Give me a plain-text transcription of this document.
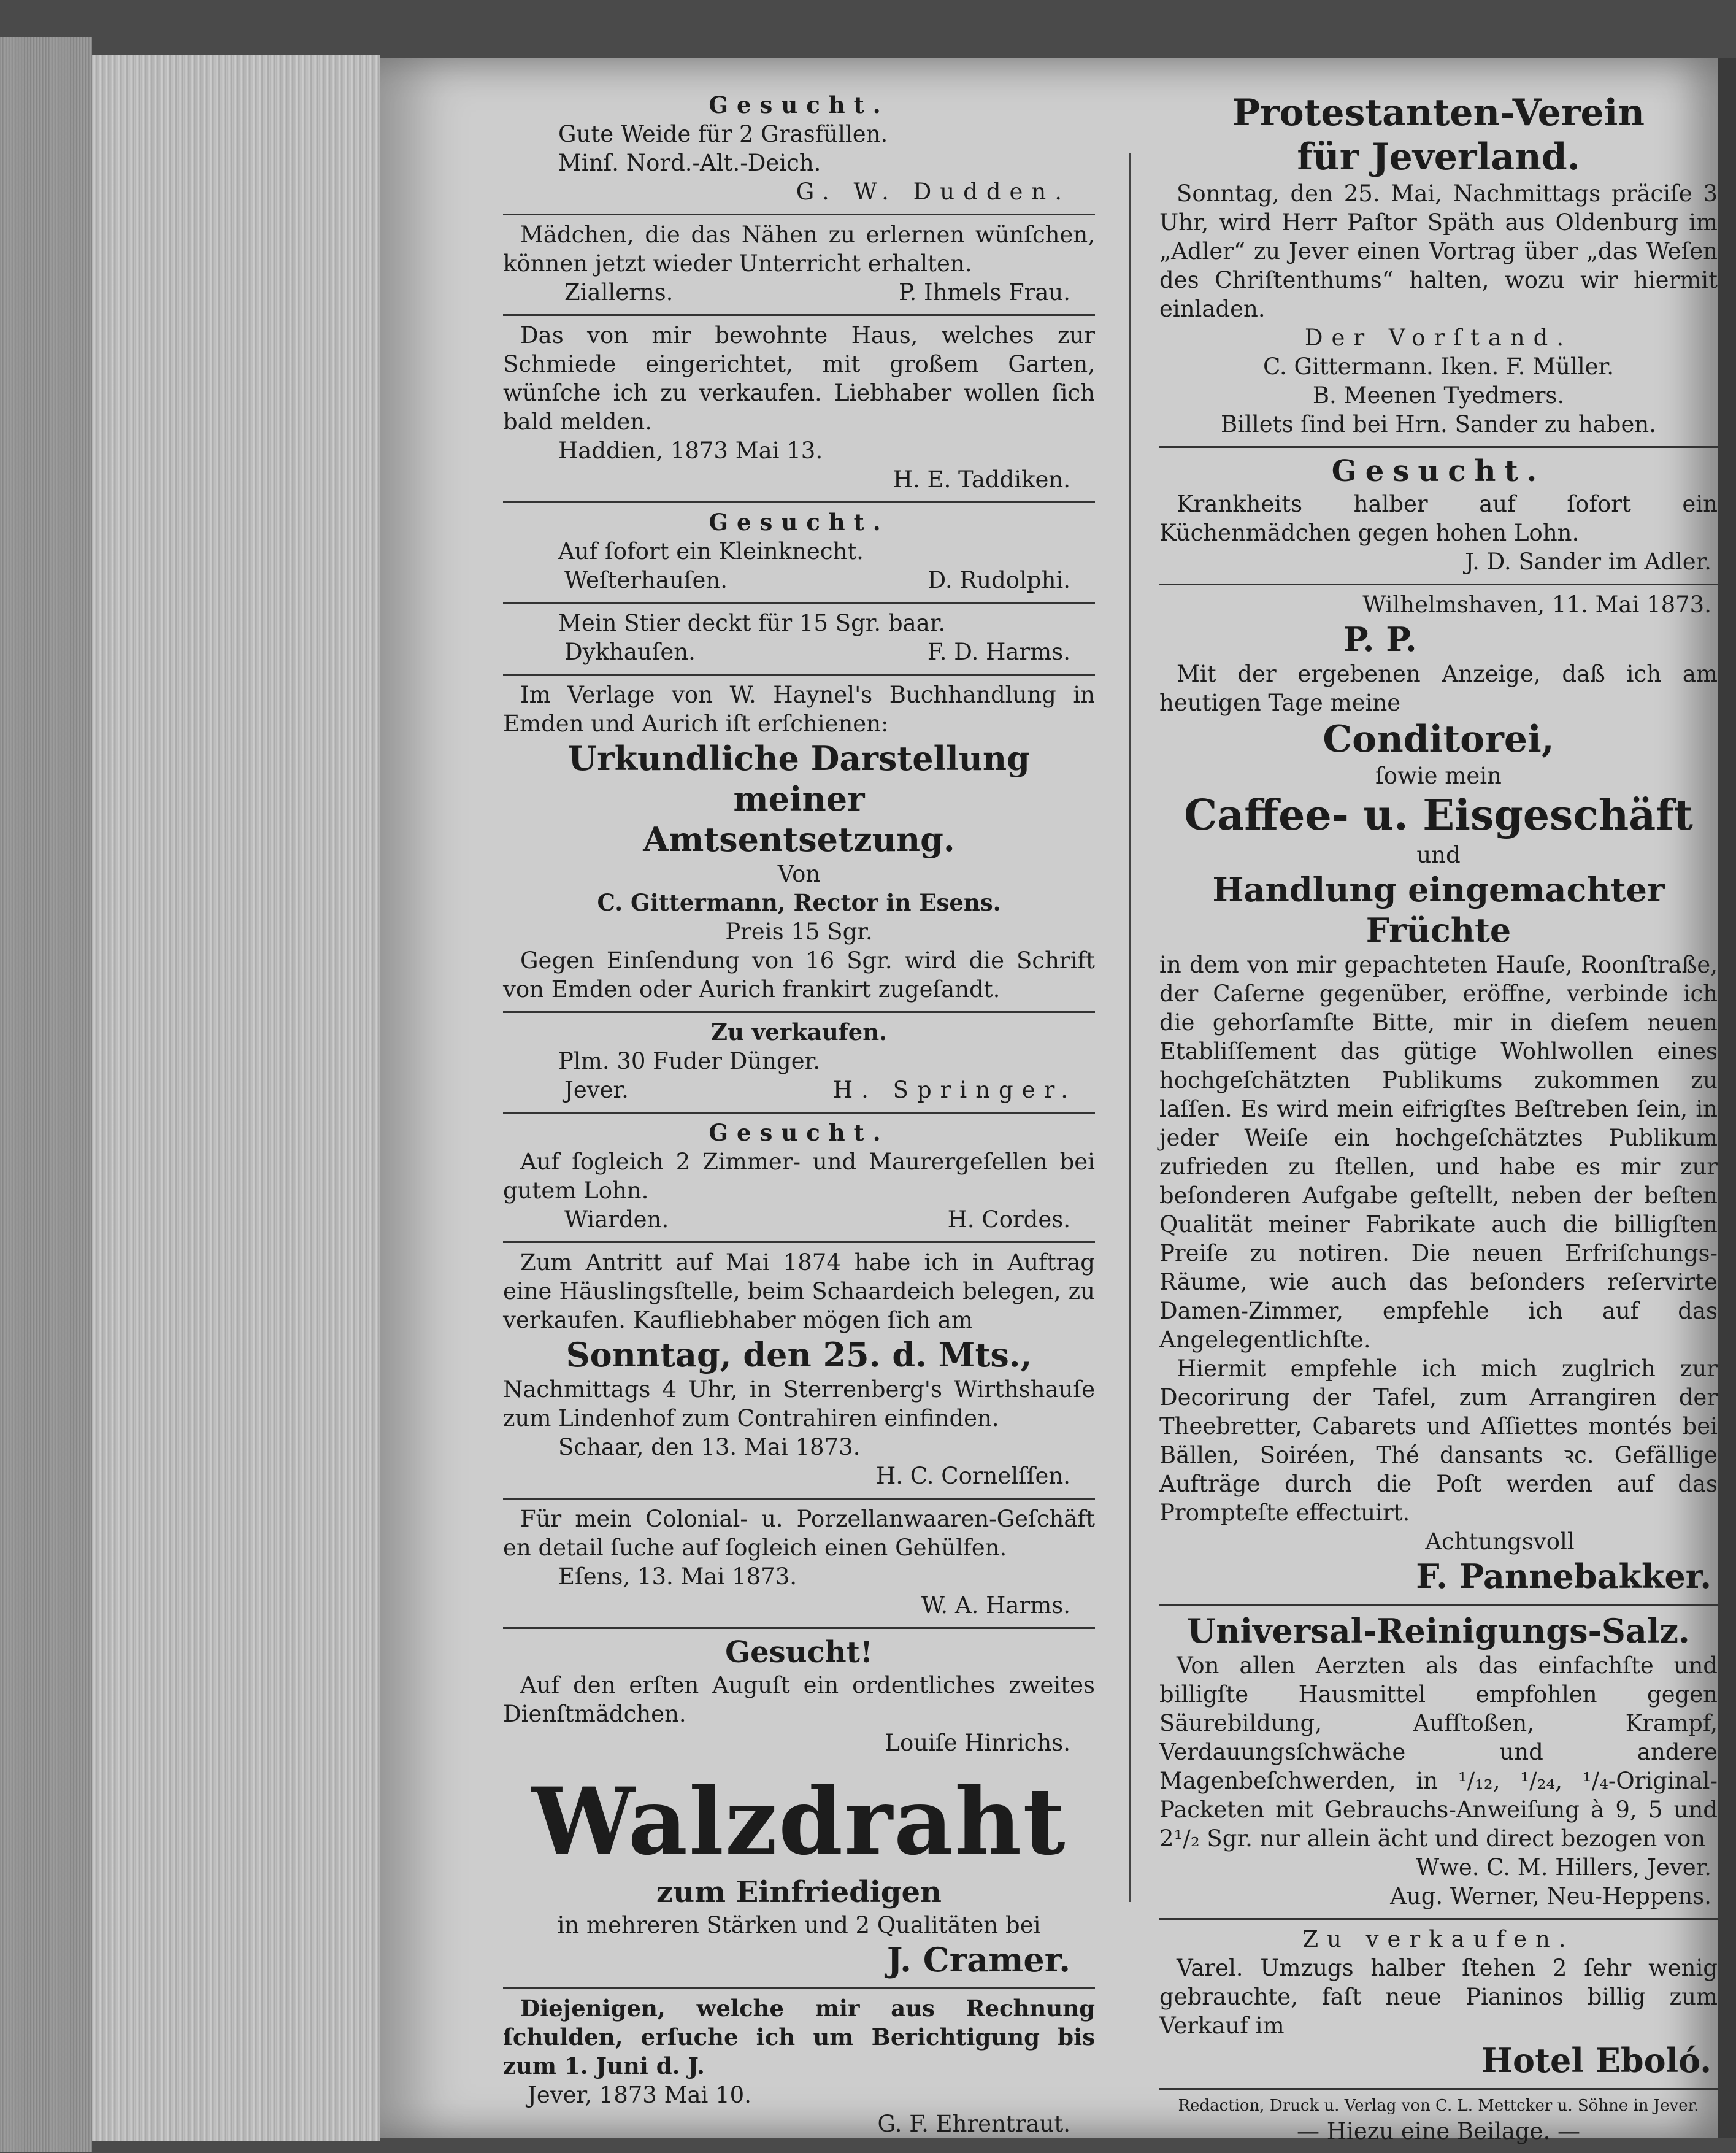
Gesucht.

Gute Weide für 2 Grasfüllen.

Minſ. Nord.-Alt.-Deich.

G. W. Dudden.

Mädchen, die das Nähen zu erlernen wünſchen, können jetzt wieder Unterricht erhalten.

Ziallerns.	P. Ihmels Frau.

Das von mir bewohnte Haus, welches zur Schmiede eingerichtet, mit großem Garten, wünſche ich zu verkaufen. Liebhaber wollen ſich bald melden.

Haddien, 1873 Mai 13.

H. E. Taddiken.

Gesucht.

Auf ſofort ein Kleinknecht.

Weſterhauſen.	D. Rudolphi.

Mein Stier deckt für 15 Sgr. baar.

Dykhauſen.	F. D. Harms.

Im Verlage von W. Haynel's Buchhandlung in Emden und Aurich iſt erſchienen:

Urkundliche Darstellung meiner
Amtsentsetzung.

Von

C. Gittermann, Rector in Esens.

Preis 15 Sgr.

Gegen Einſendung von 16 Sgr. wird die Schrift von Emden oder Aurich frankirt zugeſandt.

Zu verkaufen.

Plm. 30 Fuder Dünger.

Jever.	H. Springer.

Gesucht.

Auf ſogleich 2 Zimmer- und Maurergeſellen bei gutem Lohn.

Wiarden.	H. Cordes.

Zum Antritt auf Mai 1874 habe ich in Auftrag eine Häuslingsſtelle, beim Schaardeich belegen, zu verkaufen. Kaufliebhaber mögen ſich am

Sonntag, den 25. d. Mts.,

Nachmittags 4 Uhr, in Sterrenberg's Wirthshauſe zum Lindenhof zum Contrahiren einfinden.

Schaar, den 13. Mai 1873.

H. C. Cornelſſen.

Für mein Colonial- u. Porzellanwaaren-Geſchäft en detail ſuche auf ſogleich einen Gehülfen.

Eſens, 13. Mai 1873.

W. A. Harms.

Gesucht!

Auf den erſten Auguſt ein ordentliches zweites Dienſtmädchen.

Louiſe Hinrichs.

Walzdraht
zum Einfriedigen

in mehreren Stärken und 2 Qualitäten bei

J. Cramer.

Diejenigen, welche mir aus Rechnung ſchulden, erſuche ich um Berichtigung bis zum 1. Juni d. J.

Jever, 1873 Mai 10.

G. F. Ehrentraut.

Protestanten-Verein
für Jeverland.

Sonntag, den 25. Mai, Nachmittags präciſe 3 Uhr, wird Herr Paſtor Späth aus Oldenburg im „Adler“ zu Jever einen Vortrag über „das Weſen des Chriſtenthums“ halten, wozu wir hiermit einladen.

Der Vorſtand.

C. Gittermann. Iken. F. Müller.

B. Meenen Tyedmers.

Billets ſind bei Hrn. Sander zu haben.

Gesucht.

Krankheits halber auf ſofort ein Küchenmädchen gegen hohen Lohn.

J. D. Sander im Adler.

Wilhelmshaven, 11. Mai 1873.

P. P.

Mit der ergebenen Anzeige, daß ich am heutigen Tage meine

Conditorei,

ſowie mein

Caffee- u. Eisgeschäft

und

Handlung eingemachter Früchte

in dem von mir gepachteten Hauſe, Roonſtraße, der Caſerne gegenüber, eröffne, verbinde ich die gehorſamſte Bitte, mir in dieſem neuen Etabliſſement das gütige Wohlwollen eines hochgeſchätzten Publikums zukommen zu laſſen. Es wird mein eifrigſtes Beſtreben ſein, in jeder Weiſe ein hochgeſchätztes Publikum zufrieden zu ſtellen, und habe es mir zur beſonderen Aufgabe geſtellt, neben der beſten Qualität meiner Fabrikate auch die billigſten Preiſe zu notiren. Die neuen Erfriſchungs-Räume, wie auch das beſonders reſervirte Damen-Zimmer, empfehle ich auf das Angelegentlichſte.

Hiermit empfehle ich mich zuglrich zur Decorirung der Tafel, zum Arrangiren der Theebretter, Cabarets und Aſſiettes montés bei Bällen, Soiréen, Thé dansants ꝛc. Gefällige Aufträge durch die Poſt werden auf das Prompteſte effectuirt.

Achtungsvoll

F. Pannebakker.
Universal-Reinigungs-Salz.

Von allen Aerzten als das einfachſte und billigſte Hausmittel empfohlen gegen Säurebildung, Aufſtoßen, Krampf, Verdauungsſchwäche und andere Magenbeſchwerden, in ¹/₁₂, ¹/₂₄, ¹/₄-Original-Packeten mit Gebrauchs-Anweiſung à 9, 5 und 2¹/₂ Sgr. nur allein ächt und direct bezogen von

Wwe. C. M. Hillers, Jever.

Aug. Werner, Neu-Heppens.

Zu verkaufen.

Varel. Umzugs halber ſtehen 2 ſehr wenig gebrauchte, faſt neue Pianinos billig zum Verkauf im

Hotel Eboló.

Redaction, Druck u. Verlag von C. L. Mettcker u. Söhne in Jever.

— Hiezu eine Beilage. —
